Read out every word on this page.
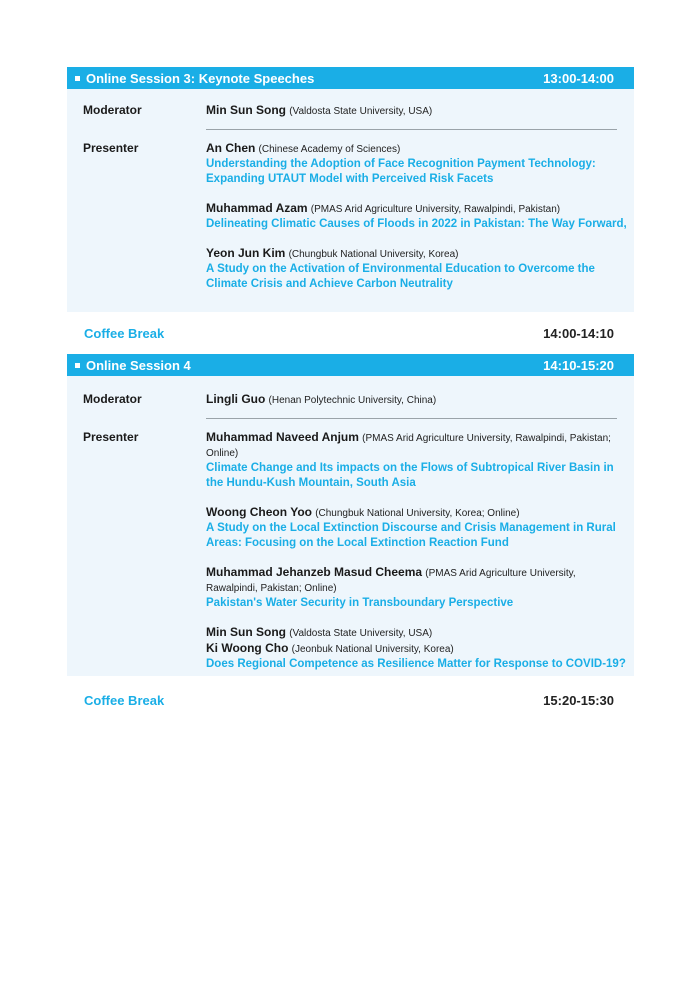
Online Session 3: Keynote Speeches	13:00-14:00
Moderator	Min Sun Song (Valdosta State University, USA)
Presenter	An Chen (Chinese Academy of Sciences)
Understanding the Adoption of Face Recognition Payment Technology: Expanding UTAUT Model with Perceived Risk Facets
Muhammad Azam (PMAS Arid Agriculture University, Rawalpindi, Pakistan)
Delineating Climatic Causes of Floods in 2022 in Pakistan: The Way Forward,
Yeon Jun Kim (Chungbuk National University, Korea)
A Study on the Activation of Environmental Education to Overcome the Climate Crisis and Achieve Carbon Neutrality
Coffee Break	14:00-14:10
Online Session 4	14:10-15:20
Moderator	Lingli Guo (Henan Polytechnic University, China)
Presenter	Muhammad Naveed Anjum (PMAS Arid Agriculture University, Rawalpindi, Pakistan; Online)
Climate Change and Its impacts on the Flows of Subtropical River Basin in the Hundu-Kush Mountain, South Asia
Woong Cheon Yoo (Chungbuk National University, Korea; Online)
A Study on the Local Extinction Discourse and Crisis Management in Rural Areas: Focusing on the Local Extinction Reaction Fund
Muhammad Jehanzeb Masud Cheema (PMAS Arid Agriculture University, Rawalpindi, Pakistan; Online)
Pakistan's Water Security in Transboundary Perspective
Min Sun Song (Valdosta State University, USA)
Ki Woong Cho (Jeonbuk National University, Korea)
Does Regional Competence as Resilience Matter for Response to COVID-19?
Coffee Break	15:20-15:30
